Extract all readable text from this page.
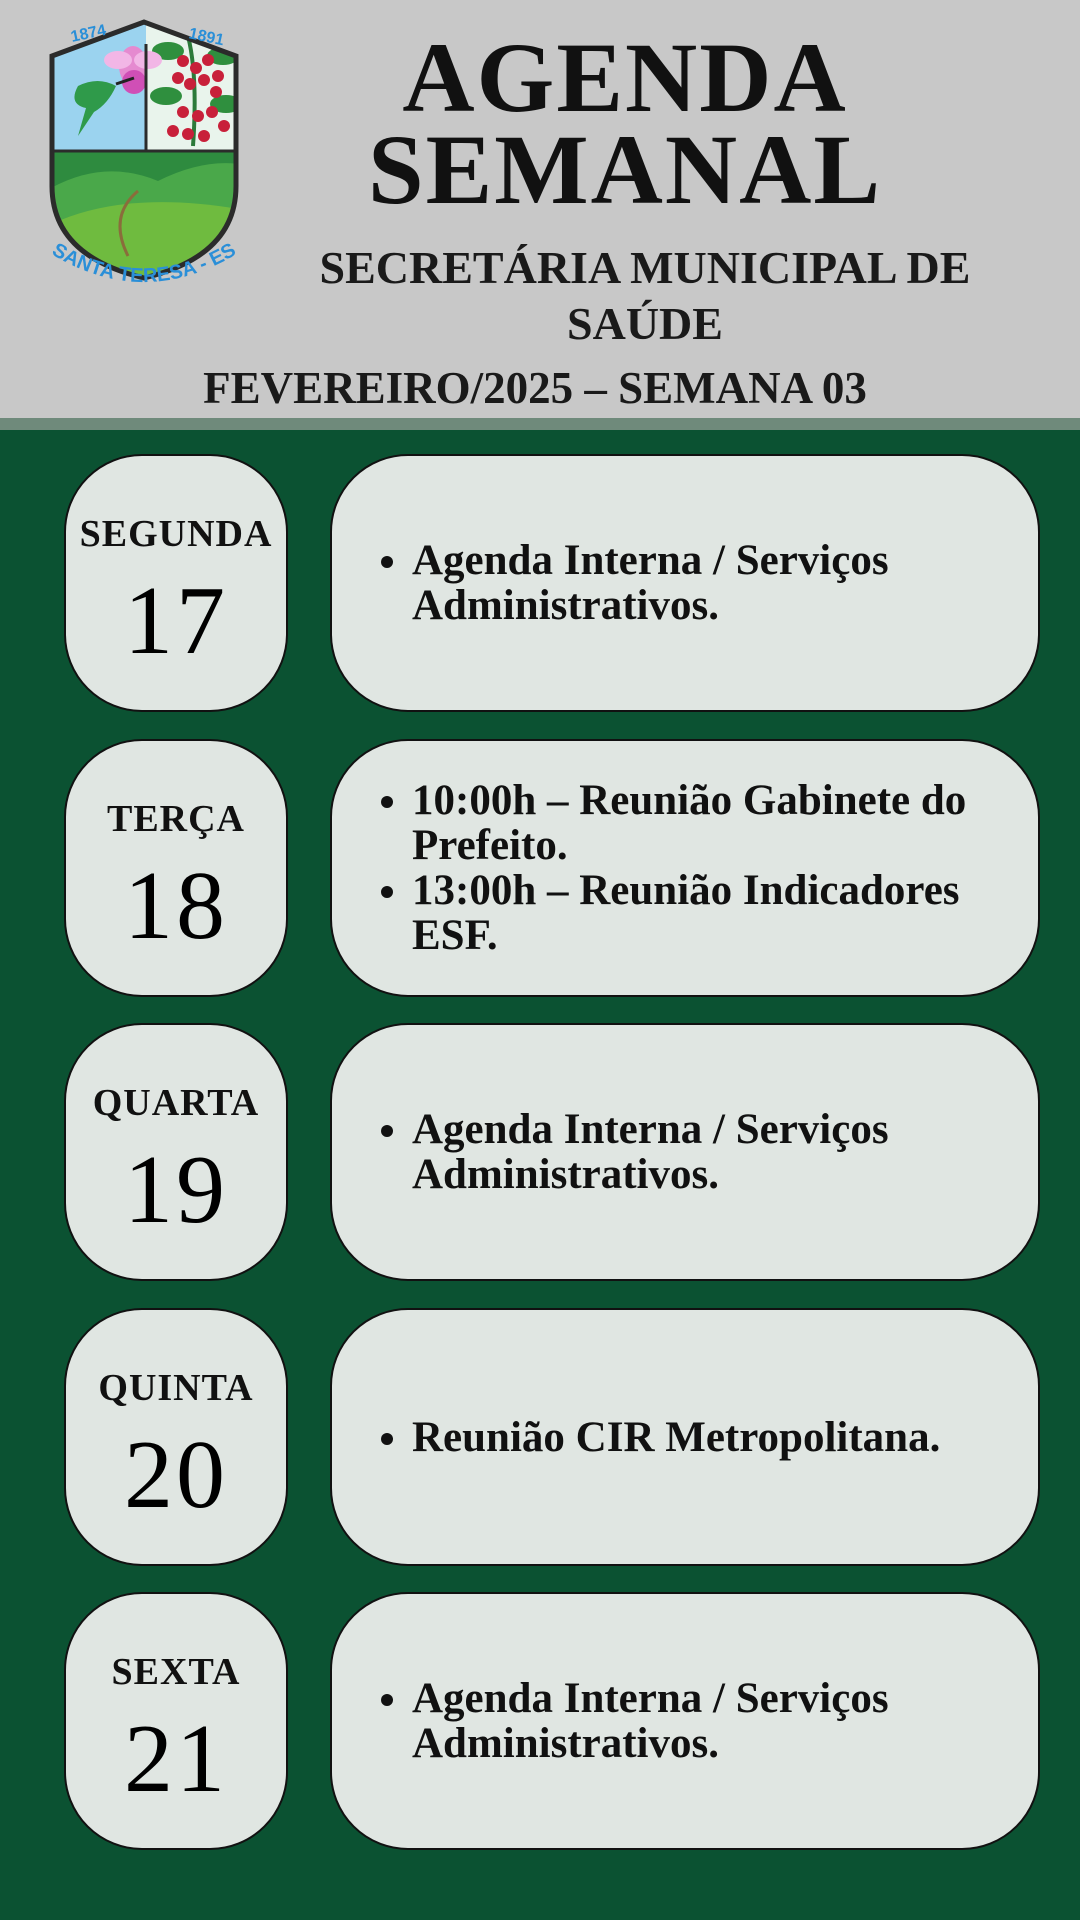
1874	1891
SANTA TERESA - ES
AGENDA
SEMANAL
SECRETÁRIA MUNICIPAL DE SAÚDE
FEVEREIRO/2025 – SEMANA 03
SEGUNDA
17
• Agenda Interna / Serviços Administrativos.
TERÇA
18
• 10:00h – Reunião Gabinete do Prefeito.
• 13:00h – Reunião Indicadores ESF.
QUARTA
19
• Agenda Interna / Serviços Administrativos.
QUINTA
20
•	Reunião CIR Metropolitana.
SEXTA
21
• Agenda Interna / Serviços Administrativos.
